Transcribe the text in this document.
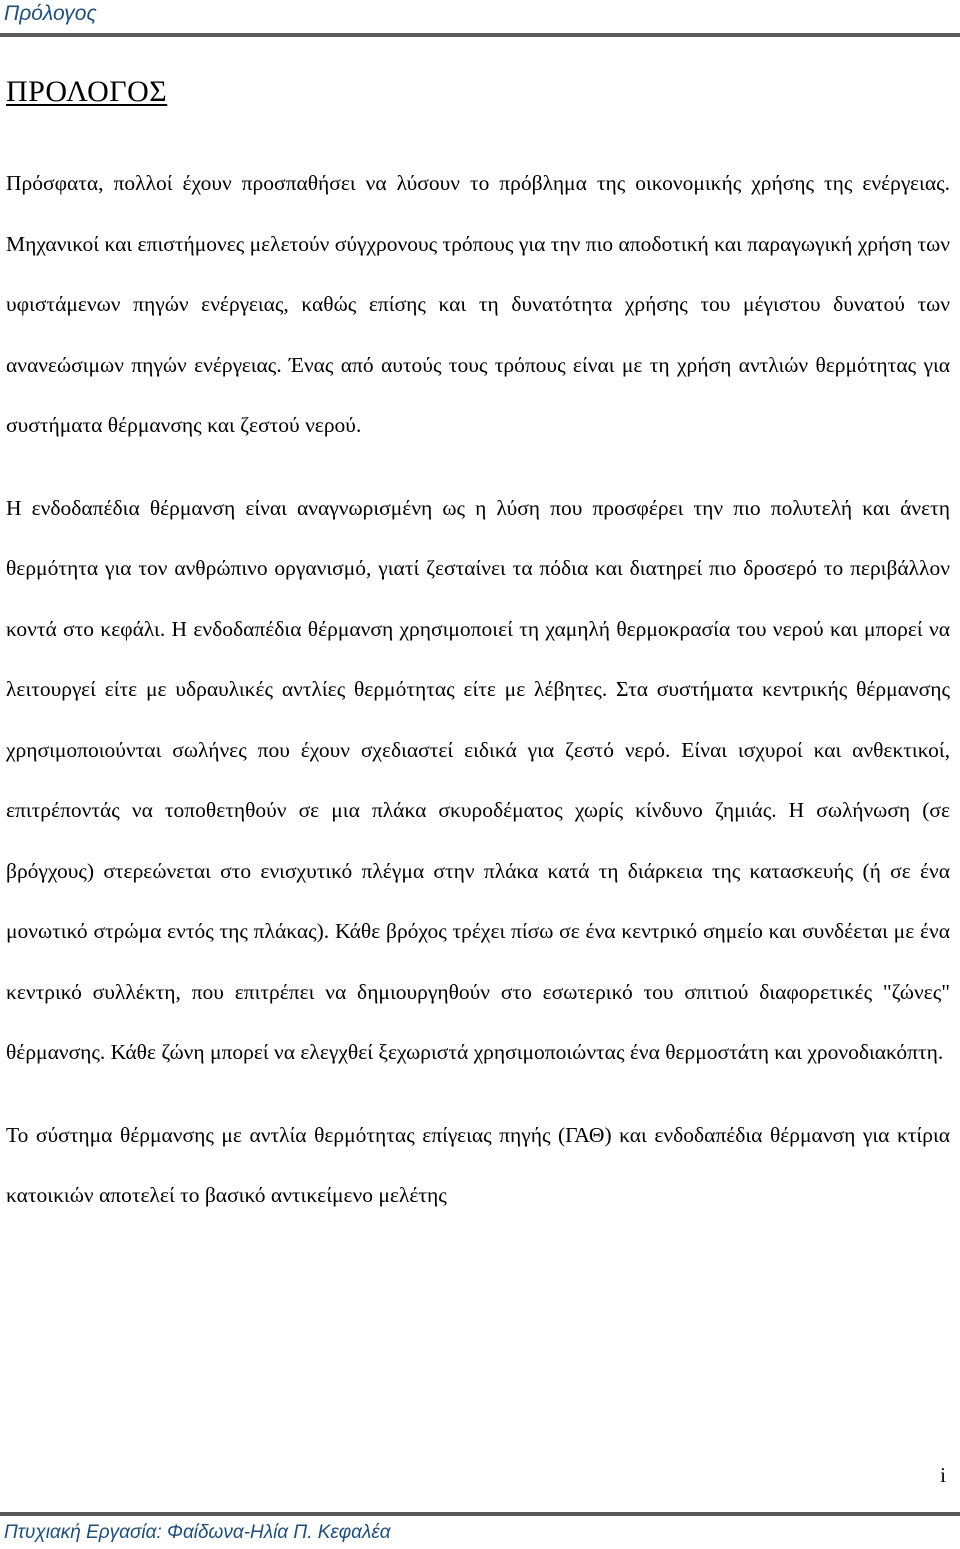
Πρόλογος
ΠΡΟΛΟΓΟΣ

Πρόσφατα, πολλοί έχουν προσπαθήσει να λύσουν το πρόβλημα της οικονομικής χρήσης της ενέργειας. Μηχανικοί και επιστήμονες μελετούν σύγχρονους τρόπους για την πιο αποδοτική και παραγωγική χρήση των υφιστάμενων πηγών ενέργειας, καθώς επίσης και τη δυνατότητα χρήσης του μέγιστου δυνατού των ανανεώσιμων πηγών ενέργειας. Ένας από αυτούς τους τρόπους είναι με τη χρήση αντλιών θερμότητας για συστήματα θέρμανσης και ζεστού νερού.

Η ενδοδαπέδια θέρμανση είναι αναγνωρισμένη ως η λύση που προσφέρει την πιο πολυτελή και άνετη θερμότητα για τον ανθρώπινο οργανισμό, γιατί ζεσταίνει τα πόδια και διατηρεί πιο δροσερό το περιβάλλον κοντά στο κεφάλι. Η ενδοδαπέδια θέρμανση χρησιμοποιεί τη χαμηλή θερμοκρασία του νερού και μπορεί να λειτουργεί είτε με υδραυλικές αντλίες θερμότητας είτε με λέβητες. Στα συστήματα κεντρικής θέρμανσης χρησιμοποιούνται σωλήνες που έχουν σχεδιαστεί ειδικά για ζεστό νερό. Είναι ισχυροί και ανθεκτικοί, επιτρέποντάς να τοποθετηθούν σε μια πλάκα σκυροδέματος χωρίς κίνδυνο ζημιάς. Η σωλήνωση (σε βρόγχους) στερεώνεται στο ενισχυτικό πλέγμα στην πλάκα κατά τη διάρκεια της κατασκευής (ή σε ένα μονωτικό στρώμα εντός της πλάκας). Κάθε βρόχος τρέχει πίσω σε ένα κεντρικό σημείο και συνδέεται με ένα κεντρικό συλλέκτη, που επιτρέπει να δημιουργηθούν στο εσωτερικό του σπιτιού διαφορετικές "ζώνες" θέρμανσης. Κάθε ζώνη μπορεί να ελεγχθεί ξεχωριστά χρησιμοποιώντας ένα θερμοστάτη και χρονοδιακόπτη.

Το σύστημα θέρμανσης με αντλία θερμότητας επίγειας πηγής (ΓΑΘ) και ενδοδαπέδια θέρμανση για κτίρια κατοικιών αποτελεί το βασικό αντικείμενο μελέτης

i
Πτυχιακή Εργασία: Φαίδωνα-Ηλία Π. Κεφαλέα
